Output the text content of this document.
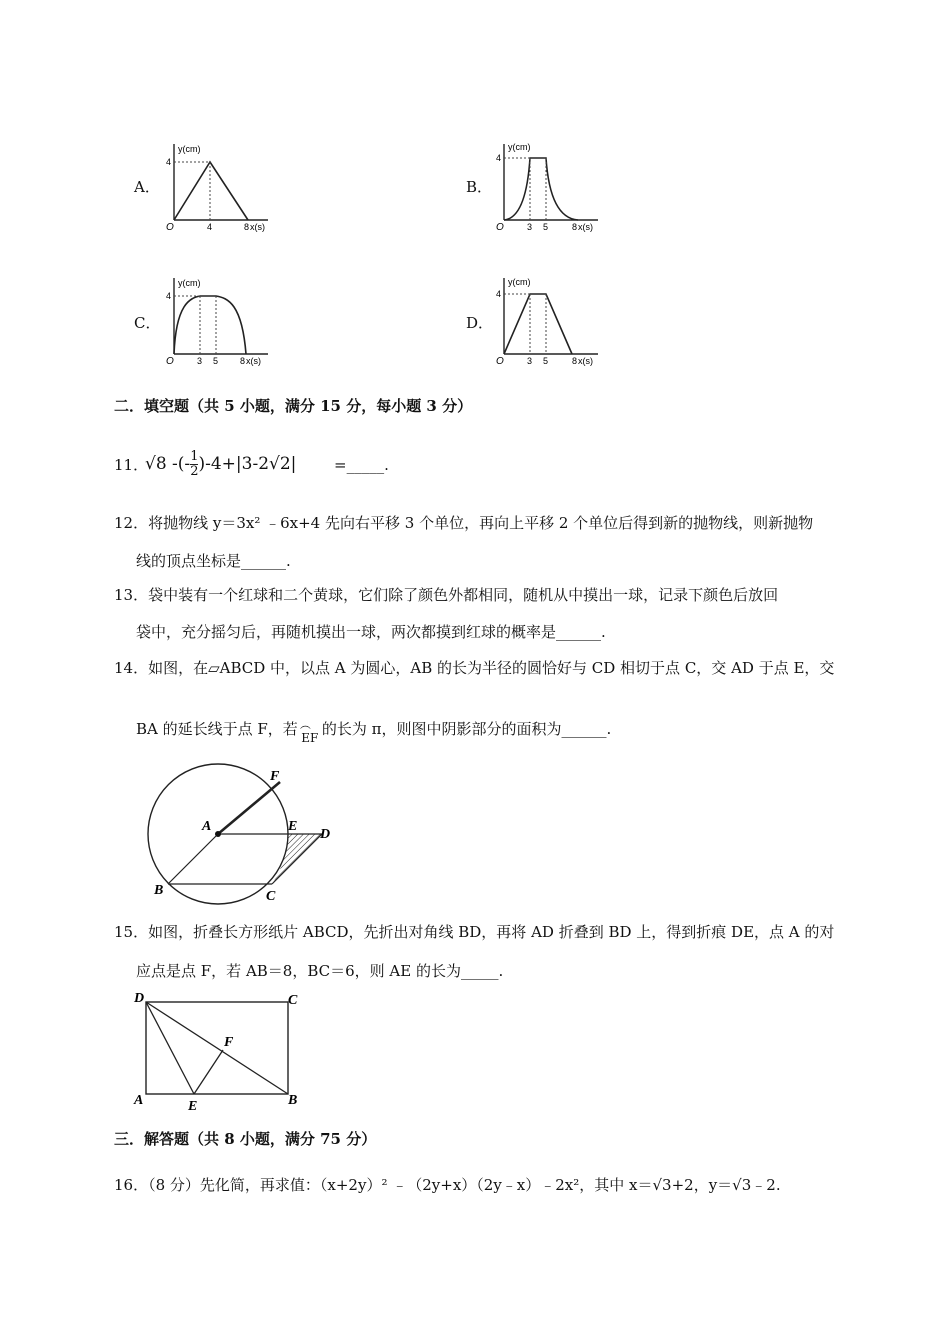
A．
y(cm)
4
O	4	8 x(s)
B．
y(cm)
4
O	3 5	8 x(s)
C．
y(cm)
4
O	3 5 8 x(s)
D．
y(cm)
4
O	3 5	8 x(s)
二．填空题（共 5 小题，满分 15 分，每小题 3 分）
11．
√8 -(- $\frac{1}{2} )-4+|3-2√2|$	=_____.
12．将抛物线 y＝3x² ﹣6x+4 先向右平移 3 个单位，再向上平移 2 个单位后得到新的抛物线，则新抛物
线的顶点坐标是______.
13．袋中装有一个红球和二个黄球，它们除了颜色外都相同，随机从中摸出一球，记录下颜色后放回
袋中，充分摇匀后，再随机摸出一球，两次都摸到红球的概率是______.
14．如图，在▱ABCD 中，以点 A 为圆心，AB 的长为半径的圆恰好与 CD 相切于点 C，交 AD 于点 E，交
BA 的延长线于点 F，若 ︵
$_{EF}$ 的长为 π，则图中阴影部分的面积为______.
F
A	E
D
B	C
15．如图，折叠长方形纸片 ABCD，先折出对角线 BD，再将 AD 折叠到 BD 上，得到折痕 DE，点 A 的对
应点是点 F，若 AB＝8，BC＝6，则 AE 的长为_____.
D	C
F
A	E	B
三．解答题（共 8 小题，满分 75 分）
16．（8 分）先化简，再求值：（x+2y）² ﹣（2y+x）（2y﹣x）﹣2x²，其中 x＝√3+2，y＝√3﹣2.
